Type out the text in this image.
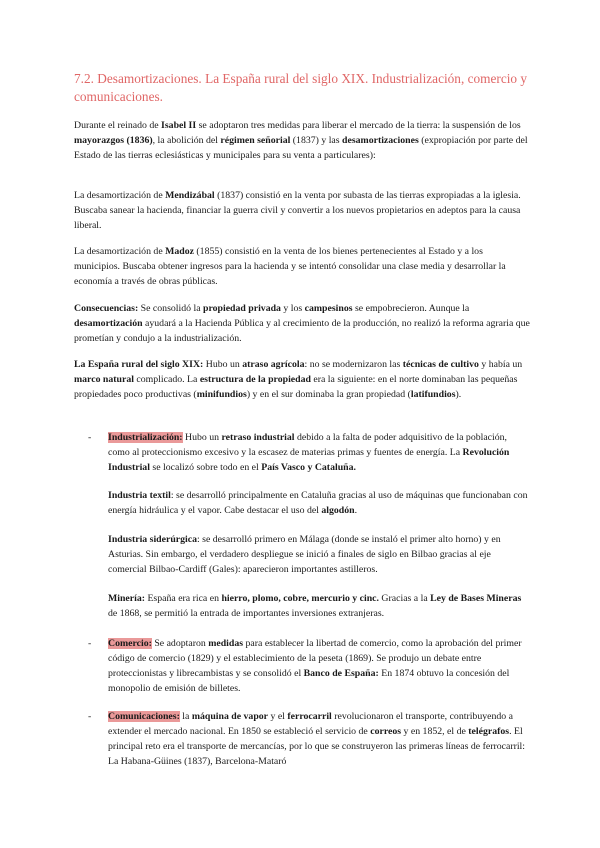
7.2. Desamortizaciones. La España rural del siglo XIX. Industrialización, comercio y comunicaciones.

Durante el reinado de Isabel II se adoptaron tres medidas para liberar el mercado de la tierra: la suspensión de los mayorazgos (1836), la abolición del régimen señorial (1837) y las desamortizaciones (expropiación por parte del Estado de las tierras eclesiásticas y municipales para su venta a particulares):

La desamortización de Mendizábal (1837) consistió en la venta por subasta de las tierras expropiadas a la iglesia. Buscaba sanear la hacienda, financiar la guerra civil y convertir a los nuevos propietarios en adeptos para la causa liberal.

La desamortización de Madoz (1855) consistió en la venta de los bienes pertenecientes al Estado y a los municipios. Buscaba obtener ingresos para la hacienda y se intentó consolidar una clase media y desarrollar la economía a través de obras públicas.

Consecuencias: Se consolidó la propiedad privada y los campesinos se empobrecieron. Aunque la desamortización ayudará a la Hacienda Pública y al crecimiento de la producción, no realizó la reforma agraria que prometían y condujo a la industrialización.

La España rural del siglo XIX: Hubo un atraso agrícola: no se modernizaron las técnicas de cultivo y había un marco natural complicado. La estructura de la propiedad era la siguiente: en el norte dominaban las pequeñas propiedades poco productivas (minifundios) y en el sur dominaba la gran propiedad (latifundios).

- Industrialización: Hubo un retraso industrial debido a la falta de poder adquisitivo de la población, como al proteccionismo excesivo y la escasez de materias primas y fuentes de energía. La Revolución Industrial se localizó sobre todo en el País Vasco y Cataluña.

Industria textil: se desarrolló principalmente en Cataluña gracias al uso de máquinas que funcionaban con energía hidráulica y el vapor. Cabe destacar el uso del algodón.

Industria siderúrgica: se desarrolló primero en Málaga (donde se instaló el primer alto horno) y en Asturias. Sin embargo, el verdadero despliegue se inició a finales de siglo en Bilbao gracias al eje comercial Bilbao-Cardiff (Gales): aparecieron importantes astilleros.

Minería: España era rica en hierro, plomo, cobre, mercurio y cinc. Gracias a la Ley de Bases Mineras de 1868, se permitió la entrada de importantes inversiones extranjeras.

- Comercio: Se adoptaron medidas para establecer la libertad de comercio, como la aprobación del primer código de comercio (1829) y el establecimiento de la peseta (1869). Se produjo un debate entre proteccionistas y librecambistas y se consolidó el Banco de España: En 1874 obtuvo la concesión del monopolio de emisión de billetes.

- Comunicaciones: la máquina de vapor y el ferrocarril revolucionaron el transporte, contribuyendo a extender el mercado nacional. En 1850 se estableció el servicio de correos y en 1852, el de telégrafos. El principal reto era el transporte de mercancías, por lo que se construyeron las primeras líneas de ferrocarril: La Habana-Güines (1837), Barcelona-Mataró
